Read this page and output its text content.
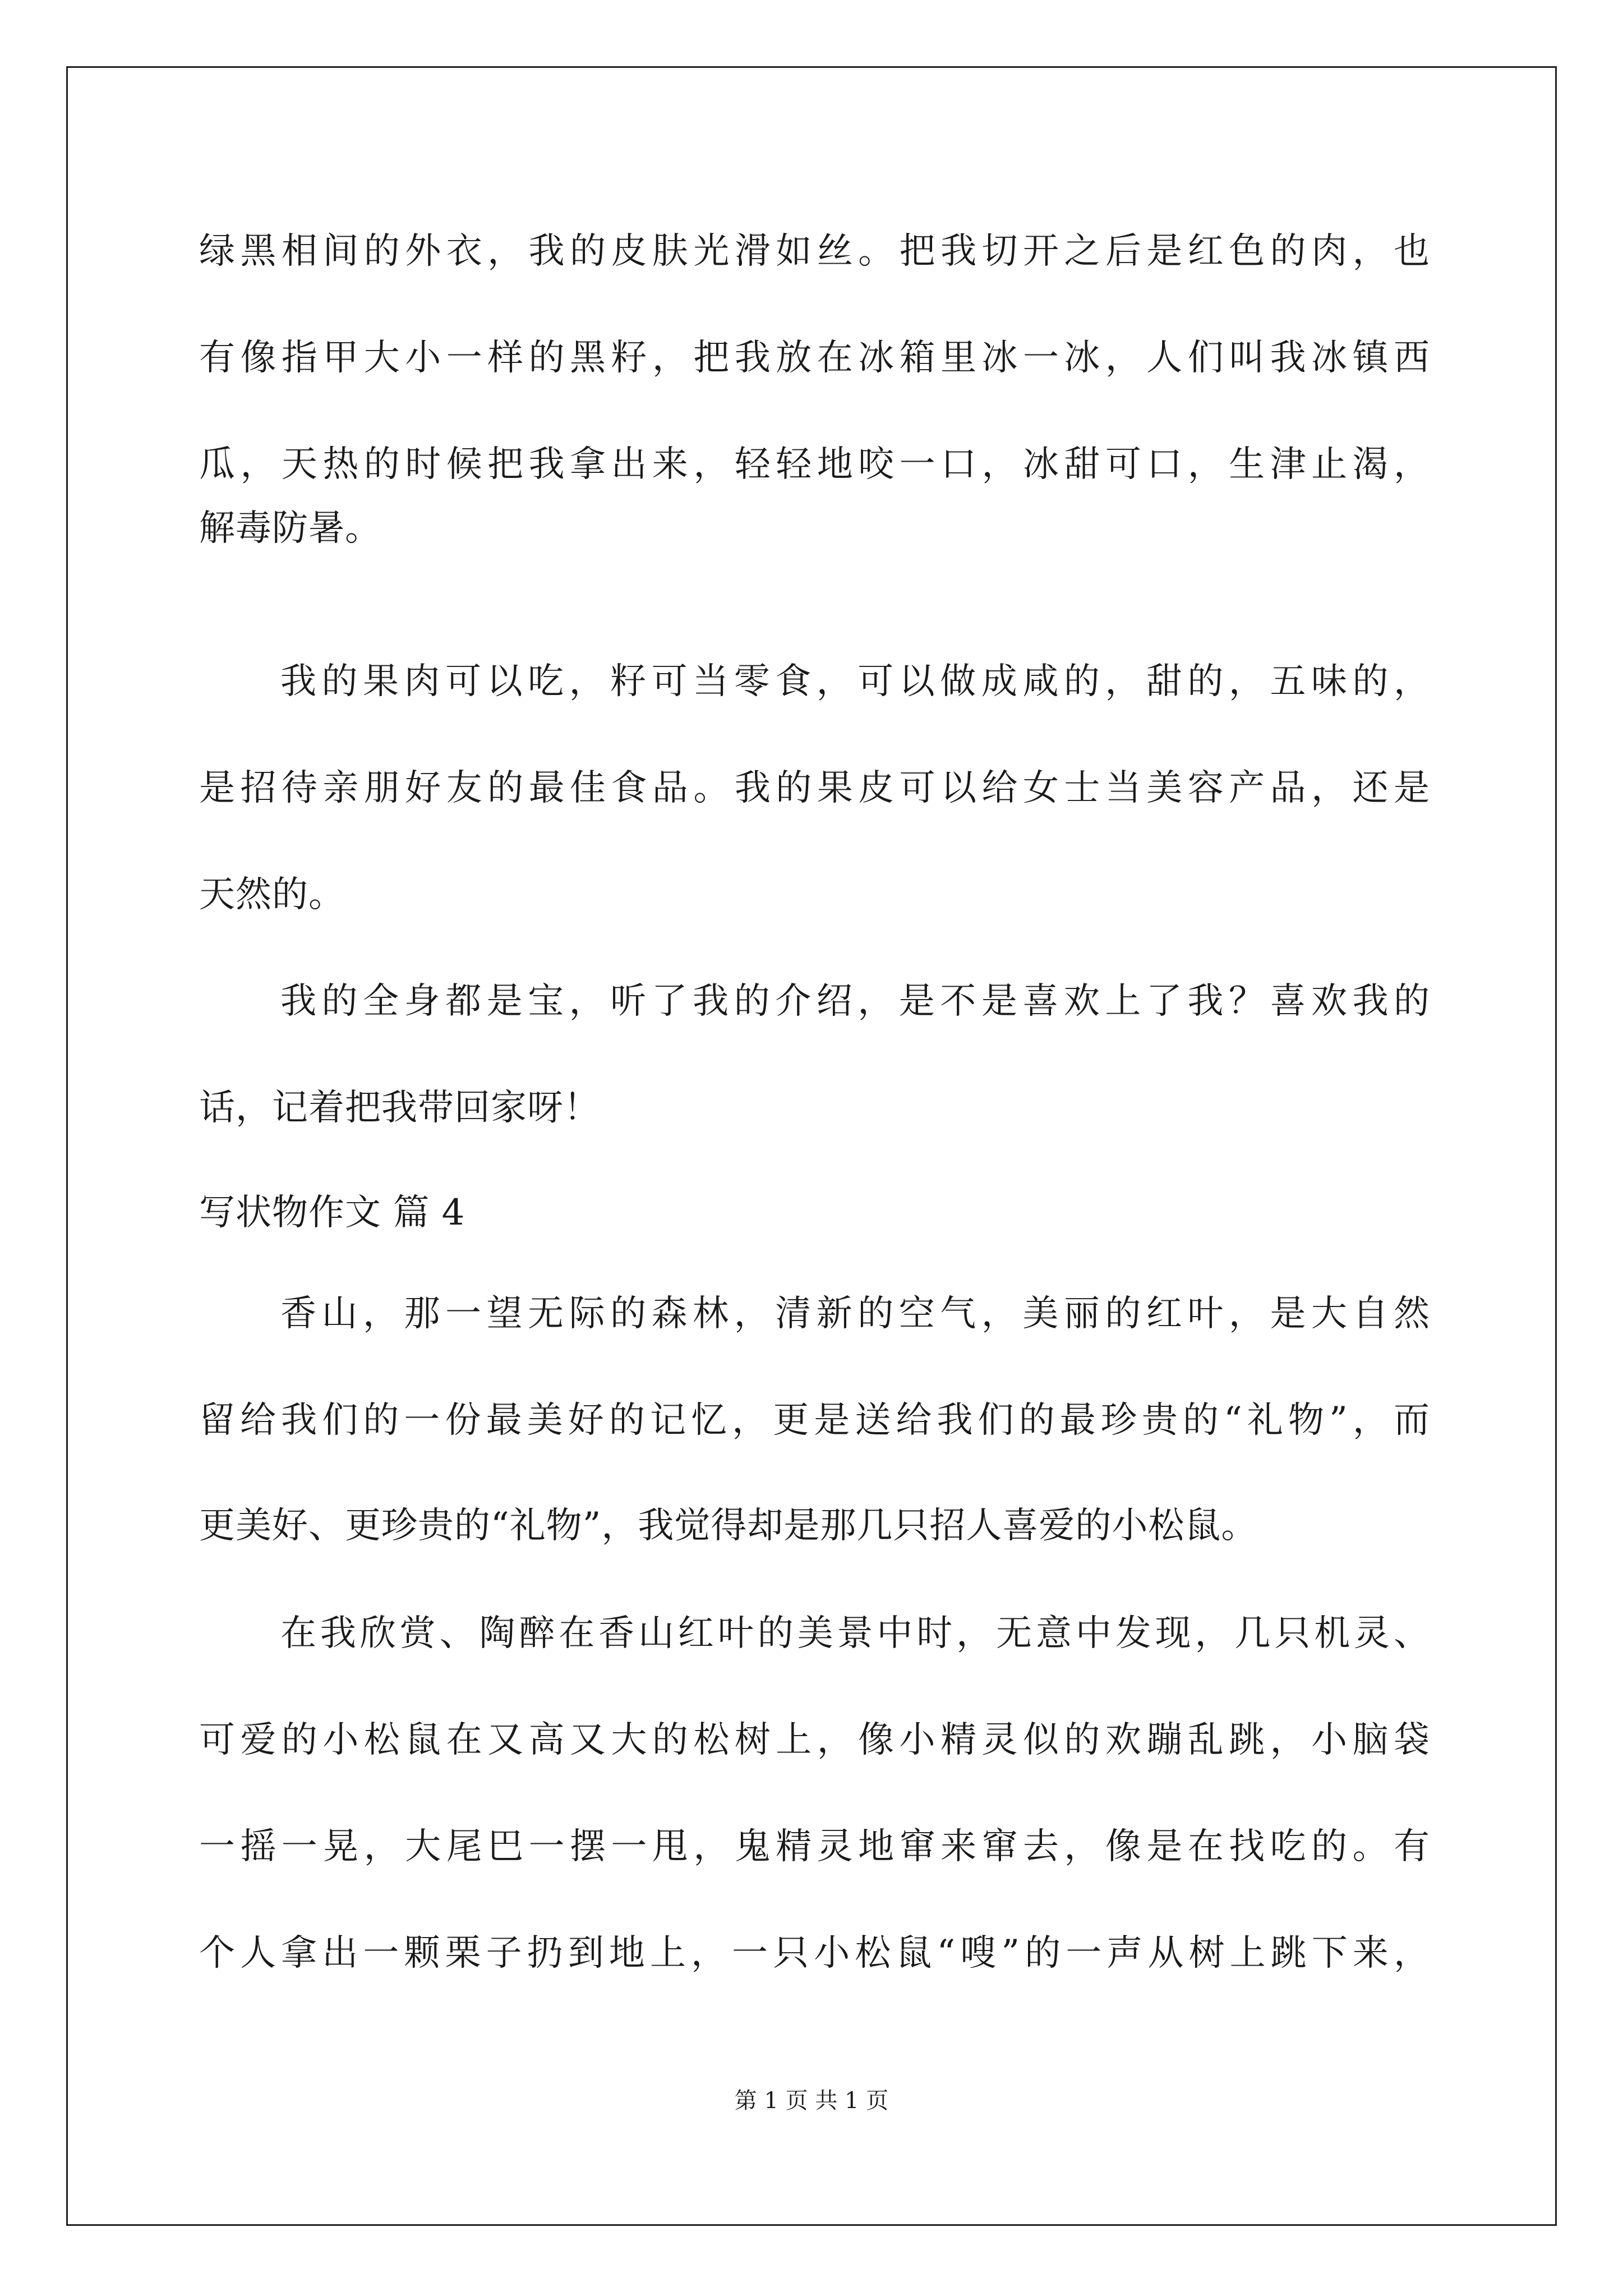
绿黑相间的外衣，我的皮肤光滑如丝。把我切开之后是红色的肉，也
有像指甲大小一样的黑籽，把我放在冰箱里冰一冰，人们叫我冰镇西
瓜，天热的时候把我拿出来，轻轻地咬一口，冰甜可口，生津止渴，
解毒防暑。
我的果肉可以吃，籽可当零食，可以做成咸的，甜的，五味的，
是招待亲朋好友的最佳食品。我的果皮可以给女士当美容产品，还是
天然的。
我的全身都是宝，听了我的介绍，是不是喜欢上了我？喜欢我的
话，记着把我带回家呀！
写状物作文 篇 4
香山，那一望无际的森林，清新的空气，美丽的红叶，是大自然
留给我们的一份最美好的记忆，更是送给我们的最珍贵的“礼物”，而
更美好、更珍贵的“礼物”，我觉得却是那几只招人喜爱的小松鼠。
在我欣赏、陶醉在香山红叶的美景中时，无意中发现，几只机灵、
可爱的小松鼠在又高又大的松树上，像小精灵似的欢蹦乱跳，小脑袋
一摇一晃，大尾巴一摆一甩，鬼精灵地窜来窜去，像是在找吃的。有
个人拿出一颗栗子扔到地上，一只小松鼠“嗖”的一声从树上跳下来，
第 1 页 共 1 页
